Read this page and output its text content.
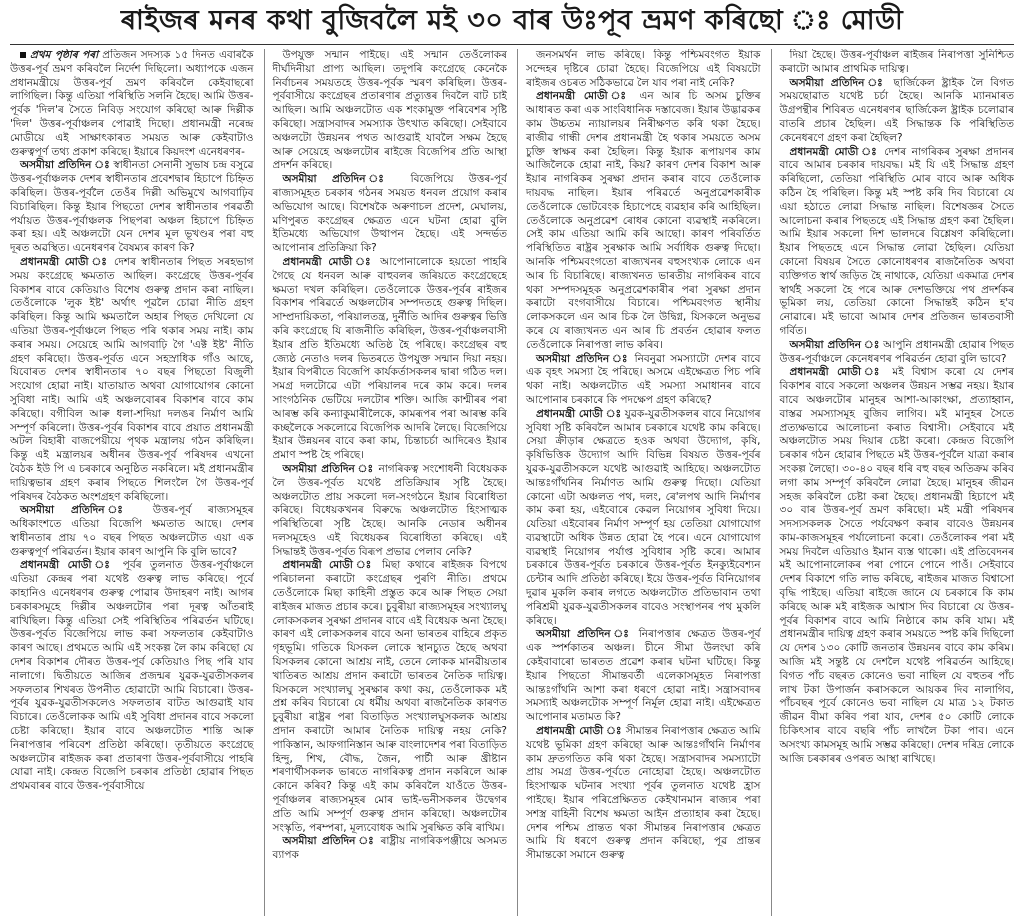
ৰাইজৰ মনৰ কথা বুজিবলৈ মই ৩০ বাৰ উঃপূব ভ্ৰমণ কৰিছো ঃ মোডী

প্ৰথম পৃষ্ঠাৰ পৰা প্ৰতিজন সদস্যক ১৫ দিনত এবাৰকৈ উত্তৰ-পূৰ্ব ভ্ৰমণ কৰিবলৈ নিৰ্দেশ দিছিলো। অধ্যাপকে এজন প্ৰধানমন্ত্ৰীয়ে উত্তৰ-পূৰ্ব ভ্ৰমণ কৰিবলৈ কেইবাছৰো লাগিছিল। কিন্তু এতিয়া পৰিস্থিতি সলনি হৈছে। আমি উত্তৰ-পূৰ্বক 'দিল'ৰ সৈতে নিবিড় সংযোগ কৰিছো আৰু দিল্লীক 'দিল' উত্তৰ-পূৰ্বাঞ্চলৰ পোৱাই দিছো। প্ৰধানমন্ত্ৰী নৰেন্দ্ৰ মোডীয়ে এই সাক্ষাৎকাৰত সময়ত আৰু কেইবাটাও গুৰুত্বপূৰ্ণ তথ্য প্ৰকাশ কৰিছে। ইয়াৰে কিয়দংশ এনেধৰণৰ-

অসমীয়া প্ৰতিদিন ঃ স্বাধীনতা সেনানী সুভাষ চন্দ্ৰ বসুৱে উত্তৰ-পূৰ্বাঞ্চলক দেশৰ স্বাধীনতাৰ প্ৰবেশদ্বাৰ হিচাপে চিহ্নিত কৰিছিল। উত্তৰ-পূৰ্বলৈ তেওঁৰ দিল্লী অভিমুখে আগবাঢ়িব বিচাৰিছিল। কিন্তু ইয়াৰ পিছতো দেশৰ স্বাধীনতাৰ পৰৱৰ্তী পৰ্যায়ত উত্তৰ-পূৰ্বাঞ্চলক পিছপৰা অঞ্চল হিচাপে চিহ্নিত কৰা হয়। এই অঞ্চলটো যেন দেশৰ মূল ভূখণ্ডৰ পৰা বহু দূৰত অৱস্থিত। এনেধৰণৰ বৈষম্যৰ কাৰণ কি?

প্ৰধানমন্ত্ৰী মোডী ঃ দেশৰ স্বাধীনতাৰ পিছত সৰহভাগ সময় কংগ্ৰেছে ক্ষমতাত আছিল। কংগ্ৰেছে উত্তৰ-পূৰ্বৰ বিকাশৰ বাবে কেতিয়াও বিশেষ গুৰুত্ব প্ৰদান কৰা নাছিল। তেওঁলোকে 'লুক ইষ্ট' অৰ্থাৎ পূৱলৈ চোৱা নীতি গ্ৰহণ কৰিছিল। কিন্তু আমি ক্ষমতালৈ অহাৰ পিছত দেখিলো যে এতিয়া উত্তৰ-পূৰ্বাঞ্চলে পিছত পৰি থকাৰ সময় নাই। কাম কৰাৰ সময়। সেয়েহে আমি আগবাঢ়ি গৈ 'এক্ট ইষ্ট' নীতি গ্ৰহণ কৰিছো। উত্তৰ-পূৰ্বত এনে সহস্ৰাধিক গাঁও আছে, যিবোৰত দেশৰ স্বাধীনতাৰ ৭০ বছৰ পিছতো বিজুলী সংযোগ হোৱা নাই। যাতায়াত অথবা যোগাযোগৰ কোনো সুবিধা নাই। আমি এই অঞ্চলবোৰৰ বিকাশৰ বাবে কাম কৰিছো। বগীবিল আৰু ধলা-শদিয়া দলঙৰ নিৰ্মাণ আমি সম্পূৰ্ণ কৰিলো। উত্তৰ-পূৰ্বৰ বিকাশৰ বাবে প্ৰয়াত প্ৰধানমন্ত্ৰী অটল বিহাৰী বাজপেয়ীয়ে পৃথক মন্ত্ৰালয় গঠন কৰিছিল। কিন্তু এই মন্ত্ৰালয়ৰ অধীনৰ উত্তৰ-পূৰ্ব পৰিষদৰ এখনো বৈঠক ইউ পি এ চৰকাৰে অনুষ্ঠিত নকৰিলে। মই প্ৰধানমন্ত্ৰীৰ দায়িত্বভাৰ গ্ৰহণ কৰাৰ পিছতে শিলংলৈ গৈ উত্তৰ-পূৰ্ব পৰিষদৰ বৈঠকত অংশগ্ৰহণ কৰিছিলো।

অসমীয়া প্ৰতিদিন ঃ উত্তৰ-পূৰ্ব ৰাজ্যসমূহৰ অধিকাংশতে এতিয়া বিজেপি ক্ষমতাত আছে। দেশৰ স্বাধীনতাৰ প্ৰায় ৭০ বছৰ পিছত অঞ্চলটোত এয়া এক গুৰুত্বপূৰ্ণ পৰিৱৰ্তন। ইয়াৰ কাৰণ আপুনি কি বুলি ভাবে?

প্ৰধানমন্ত্ৰী মোডী ঃ পূৰ্বৰ তুলনাত উত্তৰ-পূৰ্বাঞ্চলে এতিয়া কেন্দ্ৰৰ পৰা যথেষ্ট গুৰুত্ব লাভ কৰিছে। পূৰ্বে কাহানিও এনেধৰণৰ গুৰুত্ব পোৱাৰ উদাহৰণ নাই। আগৰ চৰকাৰসমূহে দিল্লীৰ অঞ্চলটোৰ পৰা দূৰত্ব আঁতৰাই ৰাখিছিল। কিন্তু এতিয়া সেই পৰিস্থিতিৰ পৰিৱৰ্তন ঘটিছে। উত্তৰ-পূৰ্বত বিজেপিয়ে লাভ কৰা সফলতাৰ কেইবাটাও কাৰণ আছে। প্ৰথমতে আমি এই সংকল্প লৈ কাম কৰিছো যে দেশৰ বিকাশৰ দৌৰত উত্তৰ-পূৰ্ব কেতিয়াও পিছ পৰি যাব নালাগে। দ্বিতীয়তে আজিৰ প্ৰজন্মৰ যুৱক-যুৱতীসকলৰ সফলতাৰ শিখৰত উপনীত হোৱাটো আমি বিচাৰো। উত্তৰ-পূৰ্বৰ যুৱক-যুৱতীসকলেও সফলতাৰ বাটত আগুৱাই যাব বিচাৰে। তেওঁলোকক আমি এই সুবিধা প্ৰদানৰ বাবে সকলো চেষ্টা কৰিছো। ইয়াৰ বাবে অঞ্চলটোত শান্তি আৰু নিৰাপত্তাৰ পৰিবেশ প্ৰতিষ্ঠা কৰিছো। তৃতীয়তে কংগ্ৰেছে অঞ্চলটোৰ ৰাইজক কৰা প্ৰতাৰণা উত্তৰ-পূৰ্ববাসীয়ে পাহৰি যোৱা নাই। কেন্দ্ৰত বিজেপি চৰকাৰ প্ৰতিষ্ঠা হোৱাৰ পিছত প্ৰথমবাৰৰ বাবে উত্তৰ-পূৰ্ববাসীয়ে

উপযুক্ত সন্মান পাইছে। এই সন্মান তেওঁলোকৰ দীৰ্ঘদিনীয়া প্ৰাপ্য আছিল। তদুপৰি কংগ্ৰেছে কেনেকৈ নিৰ্বাচনৰ সময়তহে উত্তৰ-পূৰ্বক স্মৰণ কৰিছিল। উত্তৰ-পূৰ্ববাসীয়ে কংগ্ৰেছৰ প্ৰতাৰণাৰ প্ৰত্যুত্তৰ দিবলৈ বাট চাই আছিল। আমি অঞ্চলটোত এক শংকামুক্ত পৰিবেশৰ সৃষ্টি কৰিছো। সন্ত্ৰাসবাদৰ সমস্যাক উৎখাত কৰিছো। সেইবাবে অঞ্চলটো উন্নয়নৰ পথত আগুৱাই যাবলৈ সক্ষম হৈছে আৰু সেয়েহে অঞ্চলটোৰ ৰাইজে বিজেপিৰ প্ৰতি আস্থা প্ৰদৰ্শন কৰিছে।

অসমীয়া প্ৰতিদিন ঃ বিজেপিয়ে উত্তৰ-পূৰ্ব ৰাজ্যসমূহত চৰকাৰ গঠনৰ সময়ত ধনবল প্ৰয়োগ কৰাৰ অভিযোগ আছে। বিশেষকৈ অৰুণাচল প্ৰদেশ, মেঘালয়, মণিপুৰত কংগ্ৰেছৰ ক্ষেত্ৰত এনে ঘটনা হোৱা বুলি ইতিমধ্যে অভিযোগ উত্থাপন হৈছে। এই সন্দৰ্ভত আপোনাৰ প্ৰতিক্ৰিয়া কি?

প্ৰধানমন্ত্ৰী মোডী ঃ আপোনালোকে হয়তো পাহৰি গৈছে যে ধনবল আৰু বাহুবলৰ জৰিয়তে কংগ্ৰেছেহে ক্ষমতা দখল কৰিছিল। তেওঁলোকে উত্তৰ-পূৰ্বৰ ৰাইজৰ বিকাশৰ পৰিৱৰ্তে অঞ্চলটোৰ সম্পদতহে গুৰুত্ব দিছিল। সাম্প্ৰদায়িকতা, পৰিয়ালতন্ত্ৰ, দুৰ্নীতি আদিৰ গুৰুত্বৰ ভিত্তি কৰি কংগ্ৰেছে যি ৰাজনীতি কৰিছিল, উত্তৰ-পূৰ্বাঞ্চলবাসী ইয়াৰ প্ৰতি ইতিমধ্যে অতিষ্ঠ হৈ পৰিছে। কংগ্ৰেছৰ বহু জ্যেষ্ঠ নেতাও দলৰ ভিতৰতে উপযুক্ত সন্মান দিয়া নহয়। ইয়াৰ বিপৰীতে বিজেপি কাৰ্যকৰ্তাসকলৰ দ্বাৰা গঠিত দল। সমগ্ৰ দলটোৱে এটা পৰিয়ালৰ দৰে কাম কৰে। দলৰ সাংগঠনিক ভেটিয়ে দলটোৰ শক্তি। আজি কাশ্মীৰৰ পৰা আৰম্ভ কৰি কন্যাকুমাৰীলৈকে, কামৰূপৰ পৰা আৰম্ভ কৰি কচ্ছলৈকে সকলোৱে বিজেপিক আদৰি লৈছে। বিজেপিয়ে ইয়াৰ উন্নয়নৰ বাবে কৰা কাম, চিন্তাচৰ্চা আদিৰেও ইয়াৰ প্ৰমাণ স্পষ্ট হৈ পৰিছে।

অসমীয়া প্ৰতিদিন ঃ নাগৰিকত্ব সংশোধনী বিধেয়কক লৈ উত্তৰ-পূৰ্বত যথেষ্ট প্ৰতিক্ৰিয়াৰ সৃষ্টি হৈছে। অঞ্চলটোত প্ৰায় সকলো দল-সংগঠনে ইয়াৰ বিৰোধিতা কৰিছে। বিধেয়কখনৰ বিৰুদ্ধে অঞ্চলটোত হিংসাত্মক পৰিস্থিতিৰো সৃষ্টি হৈছে। আনকি নেডাৰ অধীনৰ দলসমূহেও এই বিধেয়কৰ বিৰোধিতা কৰিছে। এই সিদ্ধান্তই উত্তৰ-পূৰ্বত বিৰূপ প্ৰভাৱ পেলাব নেকি?

প্ৰধানমন্ত্ৰী মোডী ঃ মিছা কথাৰে ৰাইজক বিপথে পৰিচালনা কৰাটো কংগ্ৰেছৰ পুৰণি নীতি। প্ৰথমে তেওঁলোকে মিছা কাহিনী প্ৰস্তুত কৰে আৰু পিছত সেয়া ৰাইজৰ মাজত প্ৰচাৰ কৰে। চুবুৰীয়া ৰাজ্যসমূহৰ সংখ্যালঘু লোকসকলৰ সুৰক্ষা প্ৰদানৰ বাবে এই বিধেয়ক অনা হৈছে। কাৰণ এই লোকসকলৰ বাবে অনা ভাৰতৰ বাহিৰে প্ৰকৃত গৃহভূমি। গতিকে যিসকল লোকে স্থানচ্যুত হৈছে অথবা যিসকলৰ কোনো আশ্ৰয় নাই, তেনে লোকক মানৱীয়তাৰ খাতিৰত আশ্ৰয় প্ৰদান কৰাটো ভাৰতৰ নৈতিক দায়িত্ব। যিসকলে সংখ্যালঘু সুৰক্ষাৰ কথা কয়, তেওঁলোকক মই প্ৰশ্ন কৰিব বিচাৰো যে ধৰ্মীয় অথবা ৰাজনৈতিক কাৰণত চুবুৰীয়া ৰাষ্ট্ৰৰ পৰা বিতাড়িত সংখ্যালঘুসকলক আশ্ৰয় প্ৰদান কৰাটো আমাৰ নৈতিক দায়িত্ব নহয় নেকি? পাকিস্তান, আফগানিস্তান আৰু বাংলাদেশৰ পৰা বিতাড়িত হিন্দু, শিখ, বৌদ্ধ, জৈন, পাৰ্চী আৰু খ্ৰীষ্টান শৰণাৰ্থীসকলক ভাৰতে নাগৰিকত্ব প্ৰদান নকৰিলে আৰু কোনে কৰিব? কিন্তু এই কাম কৰিবলৈ যাওঁতে উত্তৰ-পূৰ্বাঞ্চলৰ ৰাজ্যসমূহৰ মোৰ ভাই-ভনীসকলৰ উদ্বেগৰ প্ৰতি আমি সম্পূৰ্ণ গুৰুত্ব প্ৰদান কৰিছো। অঞ্চলটোৰ সংস্কৃতি, পৰম্পৰা, মূল্যবোধক আমি সুৰক্ষিত কৰি ৰাখিম।

অসমীয়া প্ৰতিদিন ঃ ৰাষ্ট্ৰীয় নাগৰিকপঞ্জীয়ে অসমত ব্যাপক

জনসমৰ্থন লাভ কৰিছে। কিন্তু পশ্চিমবংগত ইয়াক সন্দেহৰ দৃষ্টিৰে চোৱা হৈছে। বিজেপিয়ে এই বিষয়টো ৰাইজৰ ওচৰত সঠিকভাৱে লৈ যাব পৰা নাই নেকি?

প্ৰধানমন্ত্ৰী মোডী ঃ এন আৰ চি অসম চুক্তিৰ আধাৰত কৰা এক সাংবিধানিক দস্তাবেজ। ইয়াৰ উদ্ভাৱকৰ কাম উচ্চতম ন্যায়ালয়ৰ নিৰীক্ষণত কৰি থকা হৈছে। ৰাজীৱ গান্ধী দেশৰ প্ৰধানমন্ত্ৰী হৈ থকাৰ সময়তে অসম চুক্তি স্বাক্ষৰ কৰা হৈছিল। কিন্তু ইয়াক ৰূপায়ণৰ কাম আজিলৈকে হোৱা নাই, কিয়? কাৰণ দেশৰ বিকাশ আৰু ইয়াৰ নাগৰিকৰ সুৰক্ষা প্ৰদান কৰাৰ বাবে তেওঁলোক দায়বদ্ধ নাছিল। ইয়াৰ পৰিৱৰ্তে অনুপ্ৰৱেশকাৰীক তেওঁলোকে ভোটবেংক হিচাপেহে ব্যৱহাৰ কৰি আহিছিল। তেওঁলোকে অনুপ্ৰৱেশ ৰোধৰ কোনো ব্যৱস্থাই নকৰিলে। সেই কাম এতিয়া আমি কৰি আছো। কাৰণ পৰিবৰ্তিত পৰিস্থিতিত ৰাষ্ট্ৰৰ সুৰক্ষাক আমি সৰ্বাধিক গুৰুত্ব দিছো। আনকি পশ্চিমবংগতো ৰাজ্যখনৰ বহুসংখ্যক লোকে এন আৰ চি বিচাৰিছে। ৰাজ্যখনত ভাৰতীয় নাগৰিকৰ বাবে থকা সম্পদসমূহক অনুপ্ৰৱেশকাৰীৰ পৰা সুৰক্ষা প্ৰদান কৰাটো বংগবাসীয়ে বিচাৰে। পশ্চিমবংগত স্থানীয় লোকসকলে এন আৰ চিক লৈ উদ্বিগ্ন, যিসকলে অনুভৱ কৰে যে ৰাজ্যখনত এন আৰ চি প্ৰবৰ্তন হোৱাৰ ফলত তেওঁলোকে নিৰাপত্তা লাভ কৰিব।

অসমীয়া প্ৰতিদিন ঃ নিবনুৱা সমস্যাটো দেশৰ বাবে এক বৃহৎ সমস্যা হৈ পৰিছে। অসমে এইক্ষেত্ৰত পিচ পৰি থকা নাই। অঞ্চলটোত এই সমস্যা সমাধানৰ বাবে আপোনাৰ চৰকাৰে কি পদক্ষেপ গ্ৰহণ কৰিছে?

প্ৰধানমন্ত্ৰী মোডী ঃ যুৱক-যুৱতীসকলৰ বাবে নিয়োগৰ সুবিধা সৃষ্টি কৰিবলৈ আমাৰ চৰকাৰে যথেষ্ট কাম কৰিছে। সেয়া ক্ৰীড়াৰ ক্ষেত্ৰতে হওক অথবা উদ্যোগ, কৃষি, কৃষিভিত্তিক উদ্যোগ আদি বিভিন্ন বিষয়ত উত্তৰ-পূৰ্বৰ যুৱক-যুৱতীসকলে যথেষ্ট আগুৱাই আহিছে। অঞ্চলটোত আন্তঃগাঁথনিৰ নিৰ্মাণত আমি গুৰুত্ব দিছো। যেতিয়া কোনো এটা অঞ্চলত পথ, দলং, ৰে'লপথ আদি নিৰ্মাণৰ কাম কৰা হয়, এইবোৰে কেৱল নিয়োগৰ সুবিধা দিয়ে। যেতিয়া এইবোৰৰ নিৰ্মাণ সম্পূৰ্ণ হয় তেতিয়া যোগাযোগ ব্যৱস্থাটো অধিক উন্নত হোৱা হৈ পৰে। এনে যোগাযোগ ব্যৱস্থাই নিয়োগৰ পৰ্যাপ্ত সুবিধাৰ সৃষ্টি কৰে। আমাৰ চৰকাৰে উত্তৰ-পূৰ্বত চৰকাৰে উত্তৰ-পূৰ্বত ইনক্যুইবেশ্যন চেন্টাৰ আদি প্ৰতিষ্ঠা কৰিছে। ইয়ে উত্তৰ-পূৰ্বত বিনিয়োগৰ দুৱাৰ মুকলি কৰাৰ লগতে অঞ্চলটোত প্ৰতিভাবান তথা পৰিশ্ৰমী যুৱক-যুৱতীসকলৰ বাবেও সংস্থাপনৰ পথ মুকলি কৰিছে।

অসমীয়া প্ৰতিদিন ঃ নিৰাপত্তাৰ ক্ষেত্ৰত উত্তৰ-পূৰ্ব এক স্পৰ্শকাতৰ অঞ্চল। চীনে সীমা উলংঘা কৰি কেইবাবাৰো ভাৰতত প্ৰৱেশ কৰাৰ ঘটনা ঘটিছে। কিন্তু ইয়াৰ পিছতো সীমান্তবৰ্তী এলেকাসমূহত নিৰাপত্তা আন্তঃগাঁথনি আশা কৰা ধৰণে হোৱা নাই। সন্ত্ৰাসবাদৰ সমস্যাই অঞ্চলটোক সম্পূৰ্ণ নিৰ্মূল হোৱা নাই। এইক্ষেত্ৰত আপোনাৰ মতামত কি?

প্ৰধানমন্ত্ৰী মোডী ঃ সীমান্তৰ নিৰাপত্তাৰ ক্ষেত্ৰত আমি যথেষ্ট ভূমিকা গ্ৰহণ কৰিছো আৰু আন্তঃগাঁথনি নিৰ্মাণৰ কাম দ্ৰুতগতিত কৰি থকা হৈছে। সন্ত্ৰাসবাদৰ সমস্যাটো প্ৰায় সমগ্ৰ উত্তৰ-পূৰ্বতে নোহোৱা হৈছে। অঞ্চলটোত হিংসাত্মক ঘটনাৰ সংখ্যা পূৰ্বৰ তুলনাত যথেষ্ট হ্ৰাস পাইছে। ইয়াৰ পৰিপ্ৰেক্ষিতত কেইখানমান ৰাজ্যৰ পৰা সশস্ত্ৰ বাহিনী বিশেষ ক্ষমতা আইন প্ৰত্যাহাৰ কৰা হৈছে। দেশৰ পশ্চিম প্ৰান্তত থকা সীমান্তৰ নিৰাপত্তাৰ ক্ষেত্ৰত আমি যি ধৰণে গুৰুত্ব প্ৰদান কৰিছো, পূৱ প্ৰান্তৰ সীমান্তকো সমানে গুৰুত্ব

দিয়া হৈছে। উত্তৰ-পূৰ্বাঞ্চল ৰাইজৰ নিৰাপত্তা সুনিশ্চিত কৰাটো আমাৰ প্ৰাথমিক দায়িত্ব।

অসমীয়া প্ৰতিদিন ঃ ছাৰ্জিকেল ষ্ট্ৰাইক লৈ বিগত সময়ছোৱাত যথেষ্ট চৰ্চা হৈছে। আনকি ম্যানমাৰত উগ্ৰপন্থীৰ শিবিৰত এনেধৰণৰ ছাৰ্জিকেল ষ্ট্ৰাইক চলোৱাৰ বাতৰি প্ৰচাৰ হৈছিল। এই সিদ্ধান্তক কি পৰিস্থিতিত কেনেধৰণে গ্ৰহণ কৰা হৈছিল?

প্ৰধানমন্ত্ৰী মোডী ঃ দেশৰ নাগৰিকৰ সুৰক্ষা প্ৰদানৰ বাবে আমাৰ চৰকাৰ দায়বদ্ধ। মই যি এই সিদ্ধান্ত গ্ৰহণ কৰিছিলো, তেতিয়া পৰিস্থিতি মোৰ বাবে আৰু অধিক কঠিন হৈ পৰিছিল। কিন্তু মই স্পষ্ট কৰি দিব বিচাৰো যে এয়া হঠাতে লোৱা সিদ্ধান্ত নাছিল। বিশেষজ্ঞৰ সৈতে আলোচনা কৰাৰ পিছতহে এই সিদ্ধান্ত গ্ৰহণ কৰা হৈছিল। আমি ইয়াৰ সকলো দিশ ভালদৰে বিশ্লেষণ কৰিছিলো। ইয়াৰ পিছতহে এনে সিদ্ধান্ত লোৱা হৈছিল। যেতিয়া কোনো বিষয়ৰ সৈতে কোনোধৰণৰ ৰাজনৈতিক অথবা ব্যক্তিগত স্বাৰ্থ জড়িত হৈ নাথাকে, যেতিয়া একমাত্ৰ দেশৰ স্বাৰ্থই সকলো হৈ পৰে আৰু দেশভক্তিয়ে পথ প্ৰদৰ্শকৰ ভূমিকা লয়, তেতিয়া কোনো সিদ্ধান্তই কঠিন হ'ব নোৱাৰে। মই ভাবো আমাৰ দেশৰ প্ৰতিজন ভাৰতবাসী গৰ্বিত।

অসমীয়া প্ৰতিদিন ঃ আপুনি প্ৰধানমন্ত্ৰী হোৱাৰ পিছত উত্তৰ-পূৰ্বাঞ্চলে কেনেধৰণৰ পৰিৱৰ্তন হোৱা বুলি ভাবে?

প্ৰধানমন্ত্ৰী মোডী ঃ মই বিশ্বাস কৰো যে দেশৰ বিকাশৰ বাবে সকলো অঞ্চলৰ উন্নয়ন সম্ভৱ নহয়। ইয়াৰ বাবে অঞ্চলটোৰ মানুহৰ আশা-আকাংক্ষা, প্ৰত্যাহ্বান, বাস্তৱ সমস্যাসমূহ বুজিব লাগিব। মই মানুহৰ সৈতে প্ৰত্যক্ষভাৱে আলোচনা কৰাত বিশ্বাসী। সেইবাবে মই অঞ্চলটোত সময় দিয়াৰ চেষ্টা কৰো। কেন্দ্ৰত বিজেপি চৰকাৰ গঠন হোৱাৰ পিছতে মই উত্তৰ-পূৰ্বলৈ যাত্ৰা কৰাৰ সংকল্প লৈছো। ৩০-৪০ বছৰ ধৰি বহু বছৰ অতিক্ৰম কৰিব লগা কাম সম্পূৰ্ণ কৰিবলৈ লোৱা হৈছে। মানুহৰ জীৱন সহজ কৰিবলৈ চেষ্টা কৰা হৈছে। প্ৰধানমন্ত্ৰী হিচাপে মই ৩০ বাৰ উত্তৰ-পূৰ্ব ভ্ৰমণ কৰিছো। মই মন্ত্ৰী পৰিষদৰ সদস্যসকলক সৈতে পৰ্যবেক্ষণ কৰাৰ বাবেও উন্নয়নৰ কাম-কাজসমূহৰ পৰ্যালোচনা কৰো। তেওঁলোকৰ পৰা মই সময় দিবলৈ এতিয়াও ইমান ব্যস্ত থাকো। এই প্ৰতিবেদনৰ মই আপোনালোকৰ পৰা পোনে পোনে পাওঁ। সেইবাবে দেশৰ বিকাশে গতি লাভ কৰিছে, ৰাইজৰ মাজত বিশ্বাসো বৃদ্ধি পাইছে। এতিয়া ৰাইজে জানে যে চৰকাৰে কি কাম কৰিছে আৰু মই ৰাইজক আশ্বাস দিব বিচাৰো যে উত্তৰ-পূৰ্বৰ বিকাশৰ বাবে আমি নিষ্ঠাৰে কাম কৰি যাম। মই প্ৰধানমন্ত্ৰীৰ দায়িত্ব গ্ৰহণ কৰাৰ সময়তে স্পষ্ট কৰি দিছিলো যে দেশৰ ১৩০ কোটি জনতাৰ উন্নয়নৰ বাবে কাম কৰিম। আজি মই সন্তুষ্ট যে দেশলৈ যথেষ্ট পৰিৱৰ্তন আহিছে। বিগত পাঁচ বছৰত কোনেও ভবা নাছিল যে বহুতৰ পাঁচ লাখ টকা উপাৰ্জন কৰাসকলে আয়কৰ দিব নালাগিব, পাঁচবছৰ পূৰ্বে কোনেও ভবা নাছিল যে মাত্ৰ ১২ টকাত জীৱন বীমা কৰিব পৰা যাব, দেশৰ ৫০ কোটি লোকে চিকিৎসাৰ বাবে বছৰি পাঁচ লাখলৈ টকা পাব। এনে অসংখ্য কামসমূহ আমি সম্ভৱ কৰিছো। দেশৰ দৰিদ্ৰ লোকে আজি চৰকাৰৰ ওপৰত আস্থা ৰাখিছে।
